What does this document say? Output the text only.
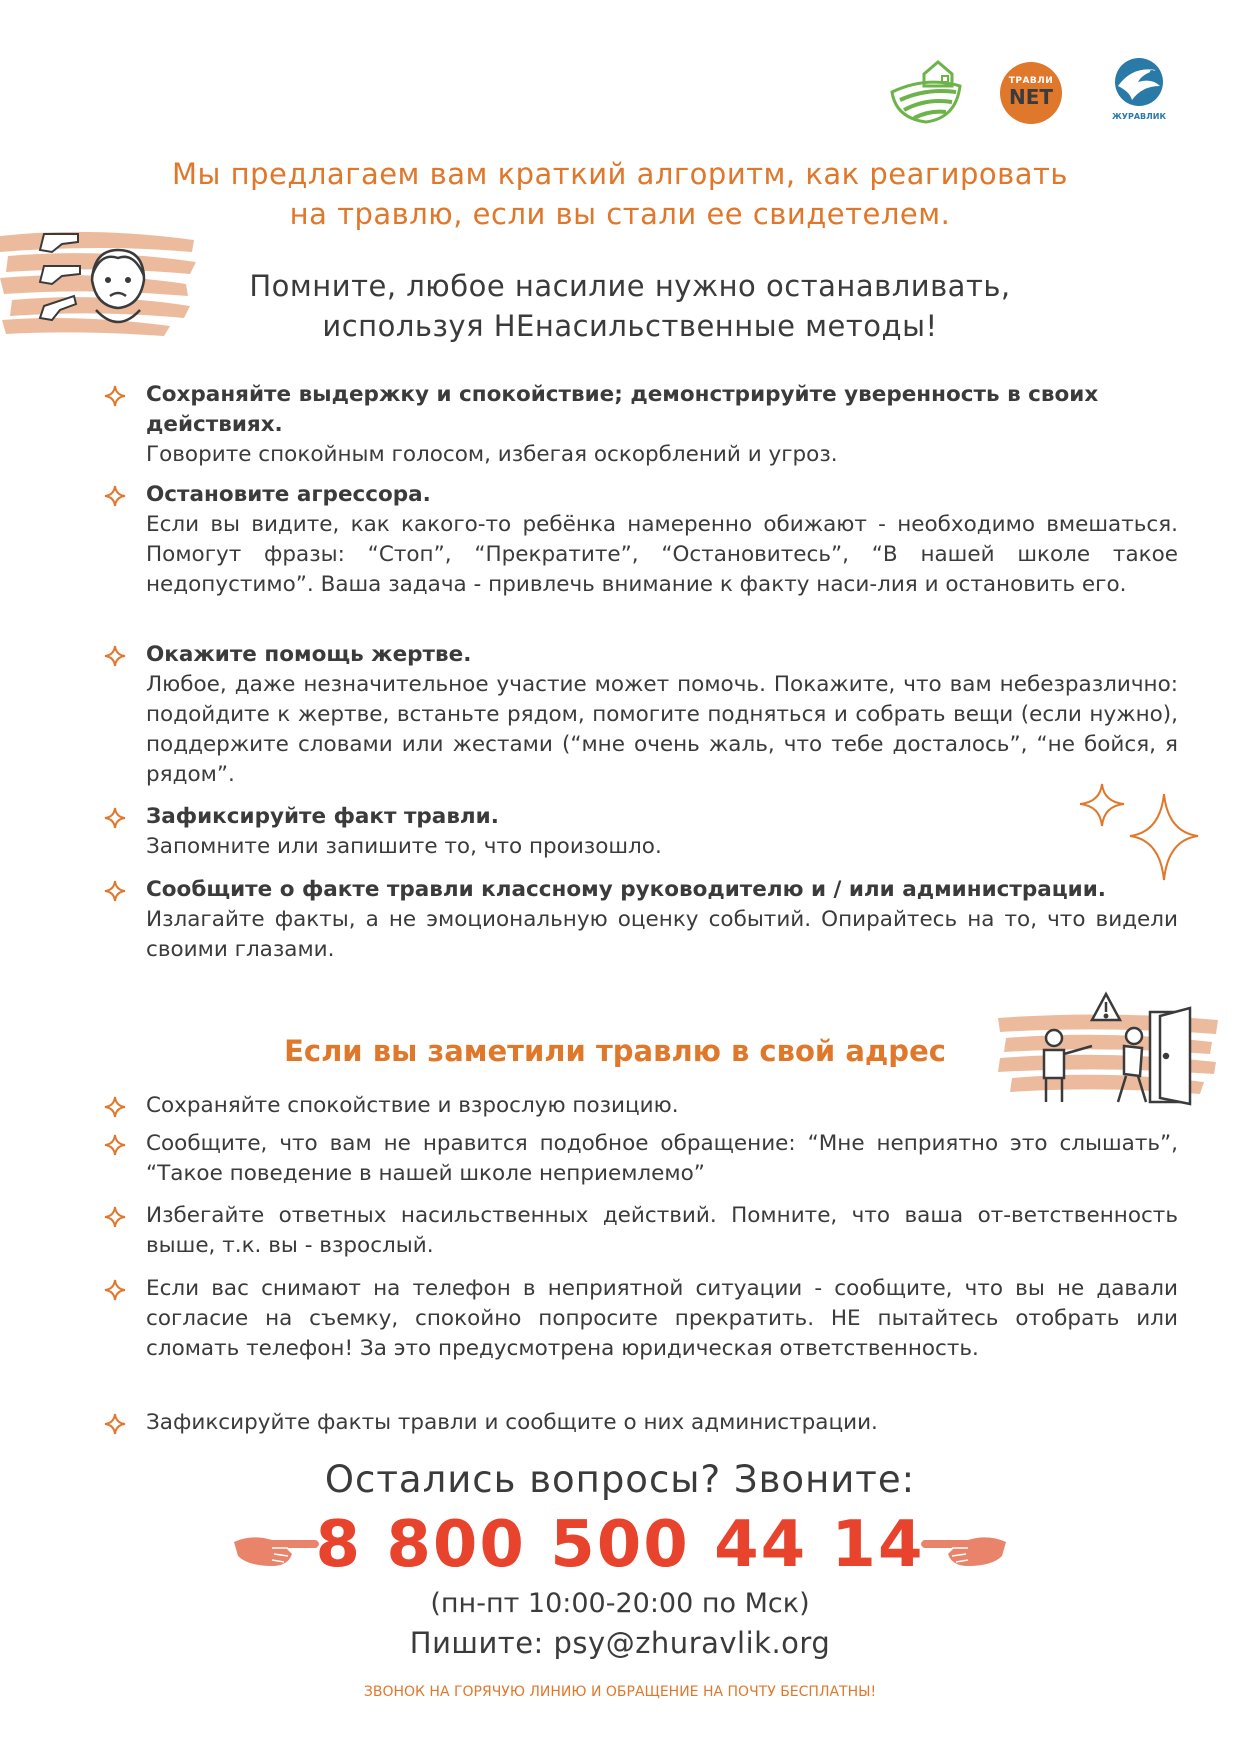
ТРАВЛИ
NET
ЖУРАВЛИК
Мы предлагаем вам краткий алгоритм, как реагировать
на травлю, если вы стали ее свидетелем.
Помните, любое насилие нужно останавливать,
используя НЕнасильственные методы!
Сохраняйте выдержку и спокойствие; демонстрируйте уверенность в своих действиях.
Говорите спокойным голосом, избегая оскорблений и угроз.
Остановите агрессора.
Если вы видите, как какого-то ребёнка намеренно обижают - необходимо вмешаться. Помогут фразы: “Стоп”, “Прекратите”, “Остановитесь”, “В нашей школе такое недопустимо”. Ваша задача - привлечь внимание к факту наси-лия и остановить его.
Окажите помощь жертве.
Любое, даже незначительное участие может помочь. Покажите, что вам небезразлично: подойдите к жертве, встаньте рядом, помогите подняться и собрать вещи (если нужно), поддержите словами или жестами (“мне очень жаль, что тебе досталось”, “не бойся, я рядом”.
Зафиксируйте факт травли.
Запомните или запишите то, что произошло.
Сообщите о факте травли классному руководителю и / или администрации.
Излагайте факты, а не эмоциональную оценку событий. Опирайтесь на то, что видели своими глазами.
Если вы заметили травлю в свой адрес
Сохраняйте спокойствие и взрослую позицию.
Сообщите, что вам не нравится подобное обращение: “Мне неприятно это слышать”, “Такое поведение в нашей школе неприемлемо”
Избегайте ответных насильственных действий. Помните, что ваша от-ветственность выше, т.к. вы - взрослый.
Если вас снимают на телефон в неприятной ситуации - сообщите, что вы не давали согласие на съемку, спокойно попросите прекратить. НЕ пытайтесь отобрать или сломать телефон! За это предусмотрена юридическая ответственность.
Зафиксируйте факты травли и сообщите о них администрации.
Остались вопросы? Звоните:
8 800 500 44 14
(пн-пт 10:00-20:00 по Мск)
Пишите: psy@zhuravlik.org
ЗВОНОК НА ГОРЯЧУЮ ЛИНИЮ И ОБРАЩЕНИЕ НА ПОЧТУ БЕСПЛАТНЫ!
